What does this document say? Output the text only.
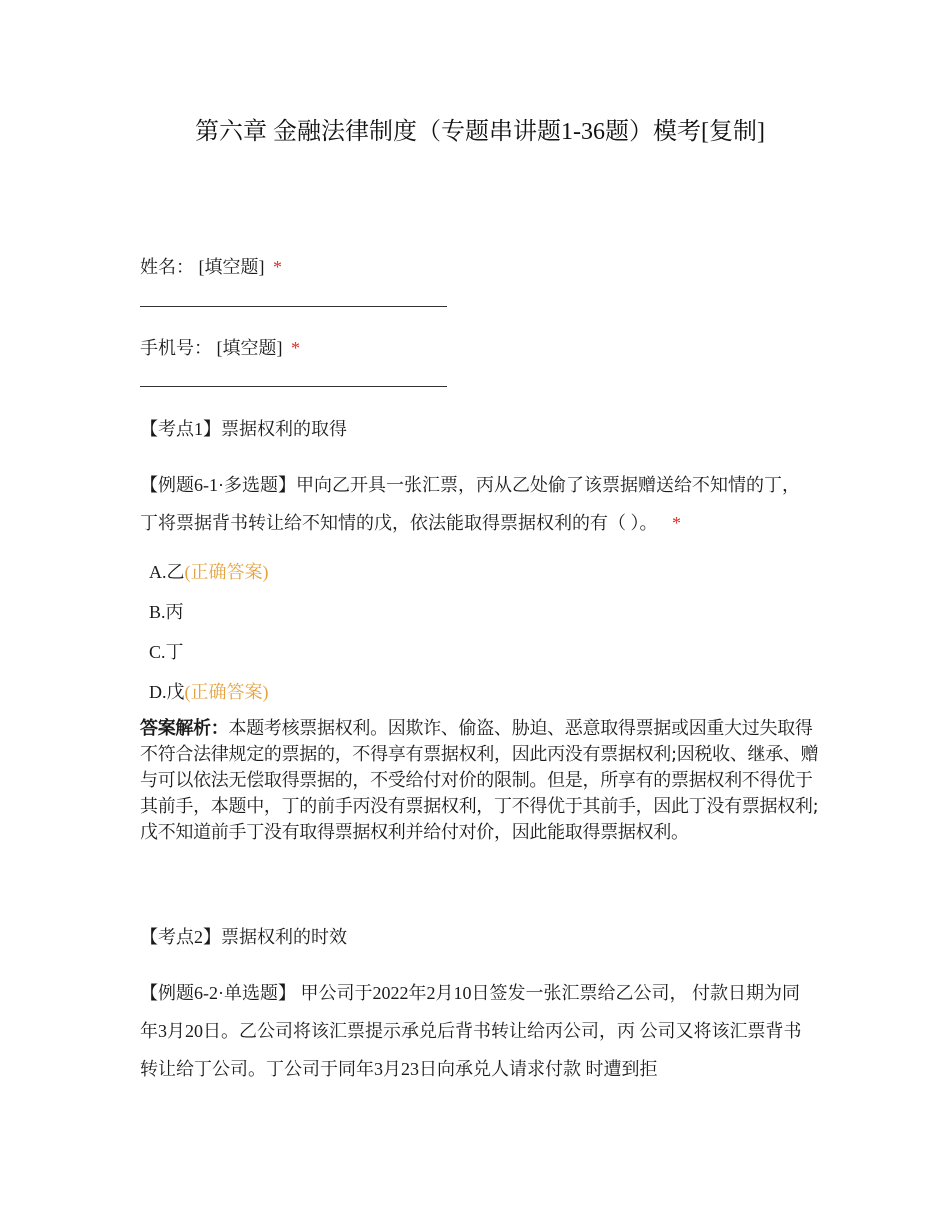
第六章 金融法律制度（专题串讲题1-36题）模考[复制]
姓名： [填空题] *
手机号： [填空题] *
【考点1】票据权利的取得
【例题6-1·多选题】甲向乙开具一张汇票，丙从乙处偷了该票据赠送给不知情的丁，丁将票据背书转让给不知情的戊，依法能取得票据权利的有（ ）。 *
A.乙(正确答案)
B.丙
C.丁
D.戊(正确答案)
答案解析：本题考核票据权利。因欺诈、偷盗、胁迫、恶意取得票据或因重大过失取得不符合法律规定的票据的，不得享有票据权利，因此丙没有票据权利;因税收、继承、赠与可以依法无偿取得票据的，不受给付对价的限制。但是，所享有的票据权利不得优于其前手，本题中，丁的前手丙没有票据权利，丁不得优于其前手，因此丁没有票据权利;戊不知道前手丁没有取得票据权利并给付对价，因此能取得票据权利。
【考点2】票据权利的时效
【例题6-2·单选题】 甲公司于2022年2月10日签发一张汇票给乙公司， 付款日期为同年3月20日。乙公司将该汇票提示承兑后背书转让给丙公司，丙 公司又将该汇票背书转让给丁公司。丁公司于同年3月23日向承兑人请求付款 时遭到拒
